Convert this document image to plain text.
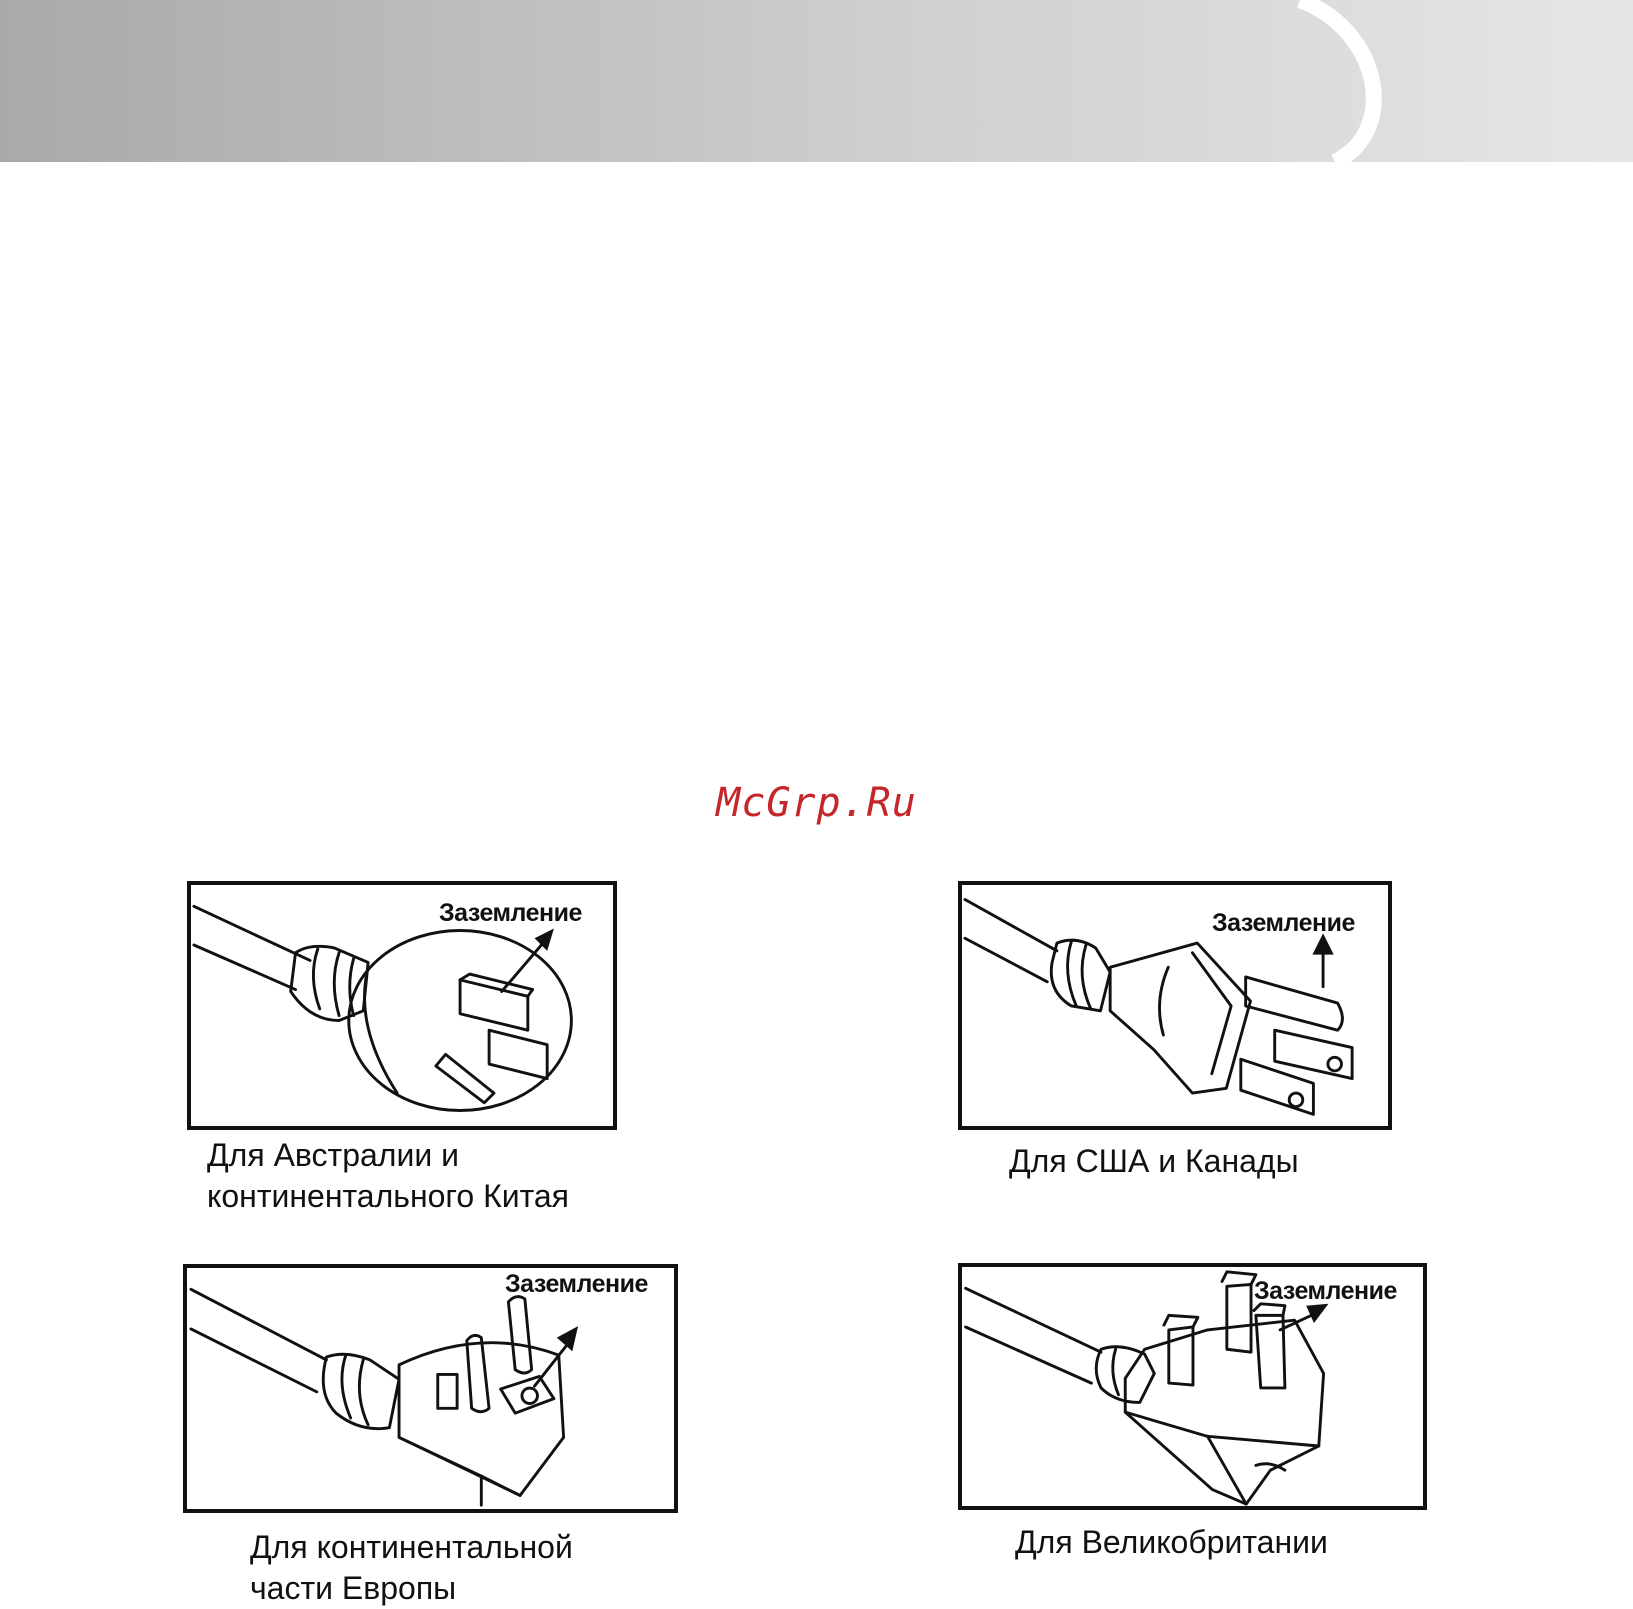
McGrp.Ru
Заземление
Для Австралии и
континентального Китая
Заземление
Для США и Канады
Заземление
Для континентальной
части Европы
Заземление
Для Великобритании
